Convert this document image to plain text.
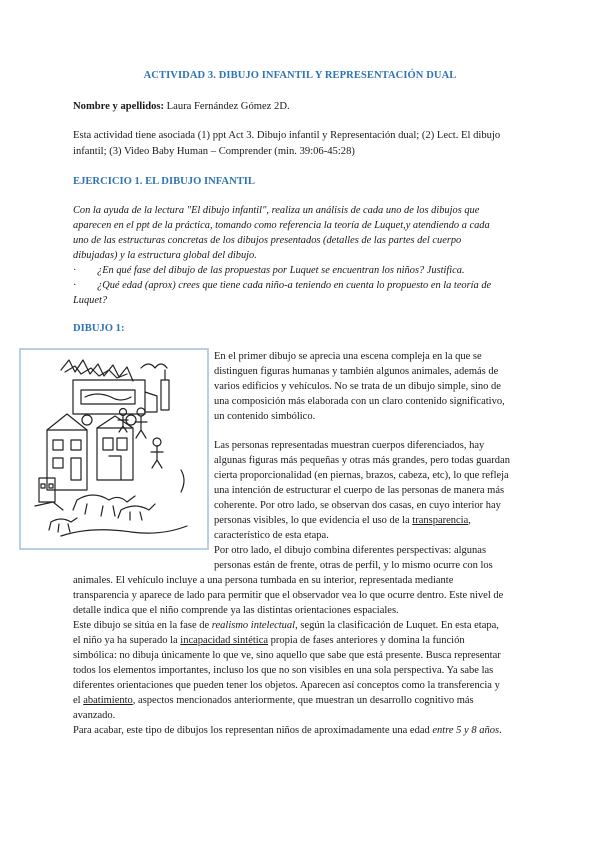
ACTIVIDAD 3. DIBUJO INFANTIL Y REPRESENTACIÓN DUAL
Nombre y apellidos: Laura Fernández Gómez 2D.
Esta actividad tiene asociada (1) ppt Act 3. Dibujo infantil y Representación dual; (2) Lect. El dibujo
infantil; (3) Video Baby Human – Comprender (min. 39:06-45:28)
EJERCICIO 1. EL DIBUJO INFANTIL
Con la ayuda de la lectura "El dibujo infantil", realiza un análisis de cada uno de los dibujos que
aparecen en el ppt de la práctica, tomando como referencia la teoría de Luquet,y atendiendo a cada
uno de las estructuras concretas de los dibujos presentados (detalles de las partes del cuerpo
dibujadas) y la estructura global del dibujo.
· ¿En qué fase del dibujo de las propuestas por Luquet se encuentran los niños? Justifica.
· ¿Qué edad (aprox) crees que tiene cada niño-a teniendo en cuenta lo propuesto en la teoría de
Luquet?
DIBUJO 1:
En el primer dibujo se aprecia una escena compleja en la que se
distinguen figuras humanas y también algunos animales, además de
varios edificios y vehículos. No se trata de un dibujo simple, sino de
una composición más elaborada con un claro contenido significativo,
un contenido simbólico.
Las personas representadas muestran cuerpos diferenciados, hay
algunas figuras más pequeñas y otras más grandes, pero todas guardan
cierta proporcionalidad (en piernas, brazos, cabeza, etc), lo que refleja
una intención de estructurar el cuerpo de las personas de manera más
coherente. Por otro lado, se observan dos casas, en cuyo interior hay
personas visibles, lo que evidencia el uso de la transparencia,
característico de esta etapa.
Por otro lado, el dibujo combina diferentes perspectivas: algunas
personas están de frente, otras de perfil, y lo mismo ocurre con los
animales. El vehículo incluye a una persona tumbada en su interior, representada mediante
transparencia y aparece de lado para permitir que el observador vea lo que ocurre dentro. Este nivel de
detalle indica que el niño comprende ya las distintas orientaciones espaciales.
Este dibujo se sitúa en la fase de realismo intelectual, según la clasificación de Luquet. En esta etapa,
el niño ya ha superado la incapacidad sintética propia de fases anteriores y domina la función
simbólica: no dibuja únicamente lo que ve, sino aquello que sabe que está presente. Busca representar
todos los elementos importantes, incluso los que no son visibles en una sola perspectiva. Ya sabe las
diferentes orientaciones que pueden tener los objetos. Aparecen así conceptos como la transferencia y
el abatimiento, aspectos mencionados anteriormente, que muestran un desarrollo cognitivo más
avanzado.
Para acabar, este tipo de dibujos los representan niños de aproximadamente una edad entre 5 y 8 años.
